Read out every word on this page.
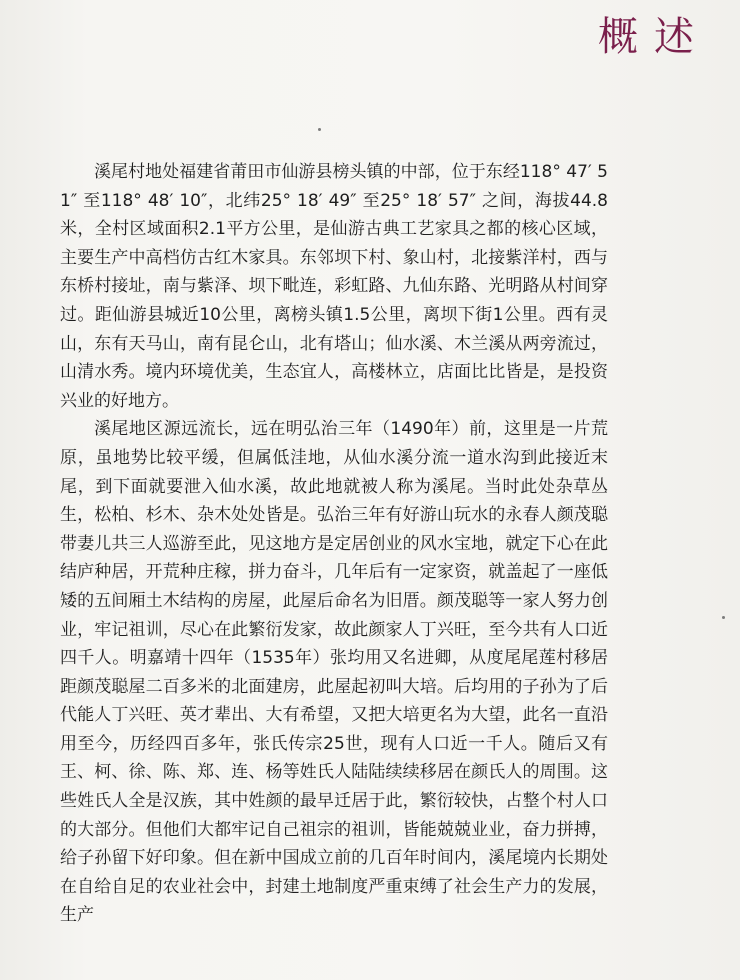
概述

溪尾村地处福建省莆田市仙游县榜头镇的中部，位于东经118° 47′ 51″ 至118° 48′ 10″，北纬25° 18′ 49″ 至25° 18′ 57″ 之间，海拔44.8米，全村区域面积2.1平方公里，是仙游古典工艺家具之都的核心区域，主要生产中高档仿古红木家具。东邻坝下村、象山村，北接紫洋村，西与东桥村接址，南与紫泽、坝下毗连，彩虹路、九仙东路、光明路从村间穿过。距仙游县城近10公里，离榜头镇1.5公里，离坝下街1公里。西有灵山，东有天马山，南有昆仑山，北有塔山；仙水溪、木兰溪从两旁流过，山清水秀。境内环境优美，生态宜人，高楼林立，店面比比皆是，是投资兴业的好地方。

溪尾地区源远流长，远在明弘治三年（1490年）前，这里是一片荒原，虽地势比较平缓，但属低洼地，从仙水溪分流一道水沟到此接近末尾，到下面就要泄入仙水溪，故此地就被人称为溪尾。当时此处杂草丛生，松柏、杉木、杂木处处皆是。弘治三年有好游山玩水的永春人颜茂聪带妻儿共三人巡游至此，见这地方是定居创业的风水宝地，就定下心在此结庐种居，开荒种庄稼，拼力奋斗，几年后有一定家资，就盖起了一座低矮的五间厢土木结构的房屋，此屋后命名为旧厝。颜茂聪等一家人努力创业，牢记祖训，尽心在此繁衍发家，故此颜家人丁兴旺，至今共有人口近四千人。明嘉靖十四年（1535年）张均用又名进卿，从度尾尾莲村移居距颜茂聪屋二百多米的北面建房，此屋起初叫大培。后均用的子孙为了后代能人丁兴旺、英才辈出、大有希望，又把大培更名为大望，此名一直沿用至今，历经四百多年，张氏传宗25世，现有人口近一千人。随后又有王、柯、徐、陈、郑、连、杨等姓氏人陆陆续续移居在颜氏人的周围。这些姓氏人全是汉族，其中姓颜的最早迁居于此，繁衍较快，占整个村人口的大部分。但他们大都牢记自己祖宗的祖训，皆能兢兢业业，奋力拼搏，给子孙留下好印象。但在新中国成立前的几百年时间内，溪尾境内长期处在自给自足的农业社会中，封建土地制度严重束缚了社会生产力的发展，生产
